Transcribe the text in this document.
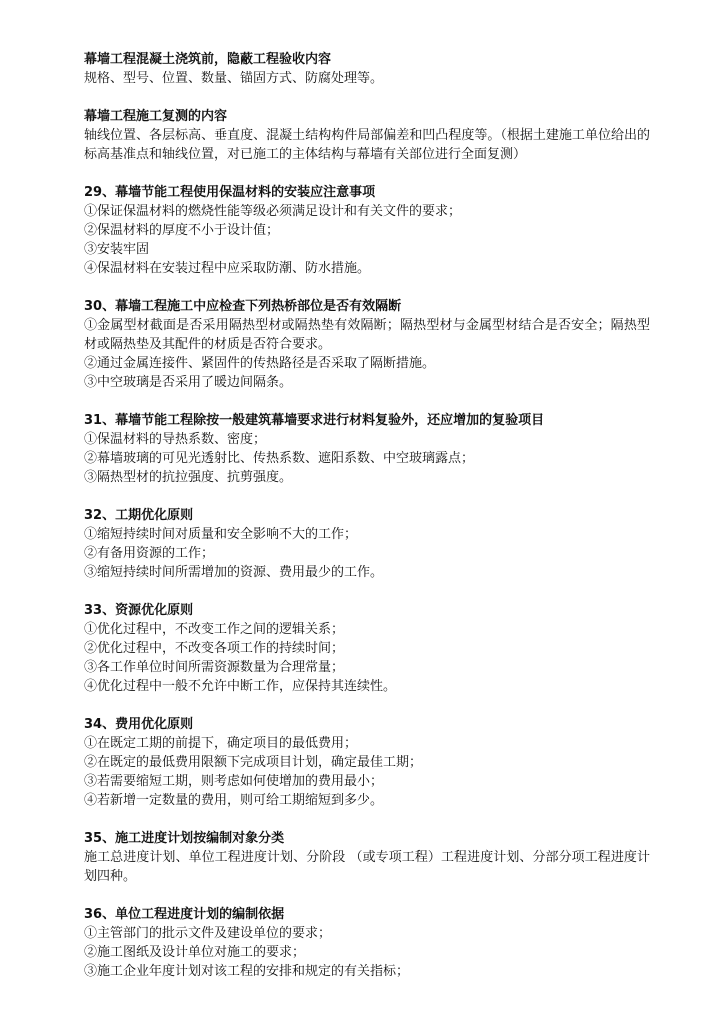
幕墙工程混凝土浇筑前，隐蔽工程验收内容

规格、型号、位置、数量、锚固方式、防腐处理等。

幕墙工程施工复测的内容

轴线位置、各层标高、垂直度、混凝土结构构件局部偏差和凹凸程度等。（根据土建施工单位给出的标高基准点和轴线位置，对已施工的主体结构与幕墙有关部位进行全面复测）

29、幕墙节能工程使用保温材料的安装应注意事项

①保证保温材料的燃烧性能等级必须满足设计和有关文件的要求；

②保温材料的厚度不小于设计值；

③安装牢固

④保温材料在安装过程中应采取防潮、防水措施。

30、幕墙工程施工中应检查下列热桥部位是否有效隔断

①金属型材截面是否采用隔热型材或隔热垫有效隔断；隔热型材与金属型材结合是否安全；隔热型材或隔热垫及其配件的材质是否符合要求。

②通过金属连接件、紧固件的传热路径是否采取了隔断措施。

③中空玻璃是否采用了暖边间隔条。

31、幕墙节能工程除按一般建筑幕墙要求进行材料复验外，还应增加的复验项目

①保温材料的导热系数、密度；

②幕墙玻璃的可见光透射比、传热系数、遮阳系数、中空玻璃露点；

③隔热型材的抗拉强度、抗剪强度。

32、工期优化原则

①缩短持续时间对质量和安全影响不大的工作；

②有备用资源的工作；

③缩短持续时间所需增加的资源、费用最少的工作。

33、资源优化原则

①优化过程中，不改变工作之间的逻辑关系；

②优化过程中，不改变各项工作的持续时间；

③各工作单位时间所需资源数量为合理常量；

④优化过程中一般不允许中断工作，应保持其连续性。

34、费用优化原则

①在既定工期的前提下，确定项目的最低费用；

②在既定的最低费用限额下完成项目计划，确定最佳工期；

③若需要缩短工期，则考虑如何使增加的费用最小；

④若新增一定数量的费用，则可给工期缩短到多少。

35、施工进度计划按编制对象分类

施工总进度计划、单位工程进度计划、分阶段 （或专项工程）工程进度计划、分部分项工程进度计划四种。

36、单位工程进度计划的编制依据

①主管部门的批示文件及建设单位的要求；

②施工图纸及设计单位对施工的要求；

③施工企业年度计划对该工程的安排和规定的有关指标；
